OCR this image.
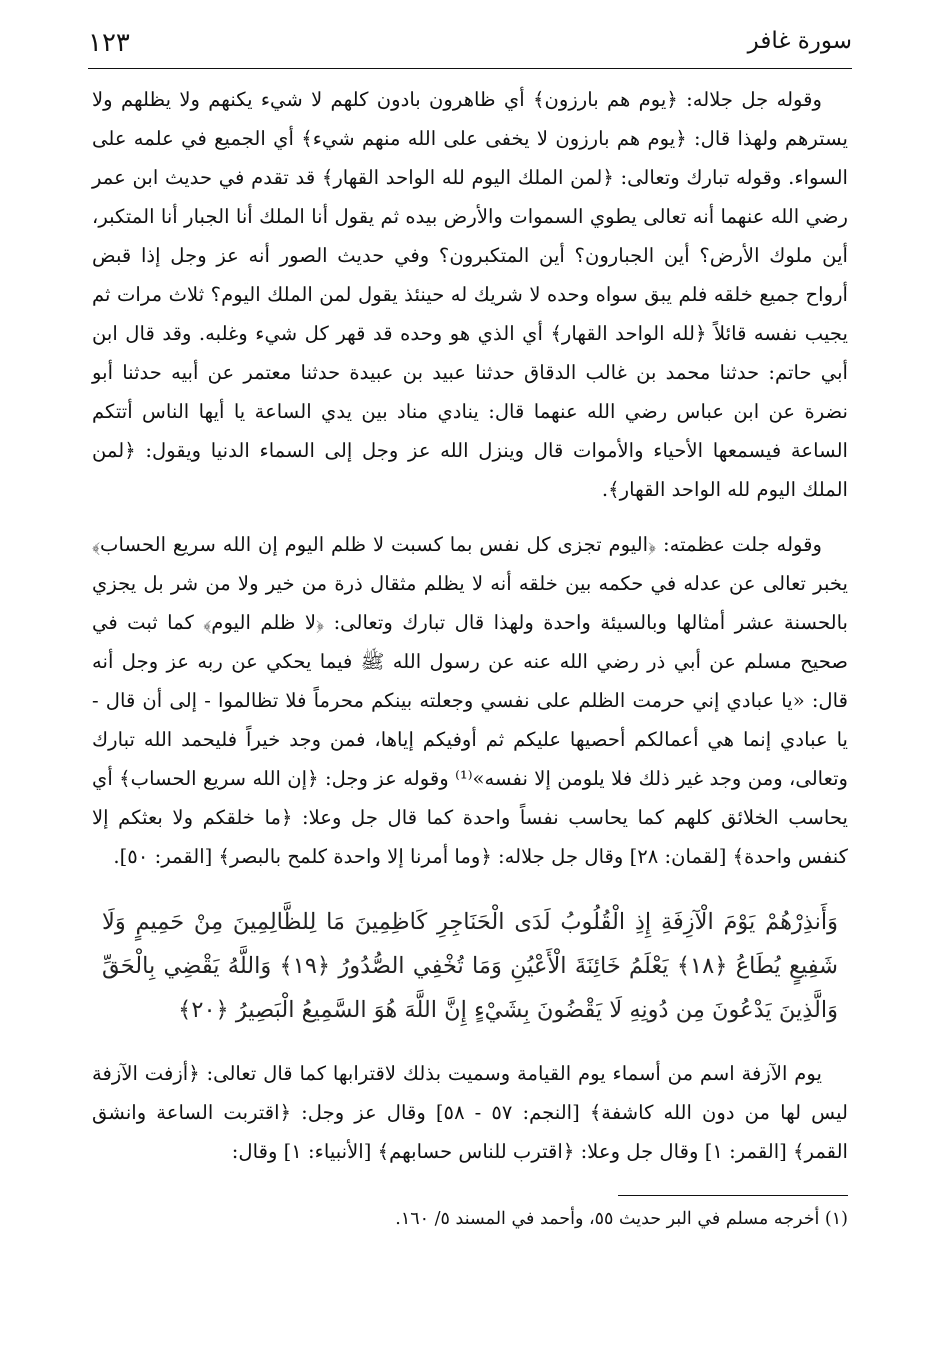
١٢٣	سورة غافر

وقوله جل جلاله: ﴿يوم هم بارزون﴾ أي ظاهرون بادون كلهم لا شيء يكنهم ولا يظلهم ولا يسترهم ولهذا قال: ﴿يوم هم بارزون لا يخفى على الله منهم شيء﴾ أي الجميع في علمه على السواء. وقوله تبارك وتعالى: ﴿لمن الملك اليوم لله الواحد القهار﴾ قد تقدم في حديث ابن عمر رضي الله عنهما أنه تعالى يطوي السموات والأرض بيده ثم يقول أنا الملك أنا الجبار أنا المتكبر، أين ملوك الأرض؟ أين الجبارون؟ أين المتكبرون؟ وفي حديث الصور أنه عز وجل إذا قبض أرواح جميع خلقه فلم يبق سواه وحده لا شريك له حينئذ يقول لمن الملك اليوم؟ ثلاث مرات ثم يجيب نفسه قائلاً ﴿لله الواحد القهار﴾ أي الذي هو وحده قد قهر كل شيء وغلبه. وقد قال ابن أبي حاتم: حدثنا محمد بن غالب الدقاق حدثنا عبيد بن عبيدة حدثنا معتمر عن أبيه حدثنا أبو نضرة عن ابن عباس رضي الله عنهما قال: ينادي مناد بين يدي الساعة يا أيها الناس أتتكم الساعة فيسمعها الأحياء والأموات قال وينزل الله عز وجل إلى السماء الدنيا ويقول: ﴿لمن الملك اليوم لله الواحد القهار﴾.

وقوله جلت عظمته: ﴿اليوم تجزى كل نفس بما كسبت لا ظلم اليوم إن الله سريع الحساب﴾ يخبر تعالى عن عدله في حكمه بين خلقه أنه لا يظلم مثقال ذرة من خير ولا من شر بل يجزي بالحسنة عشر أمثالها وبالسيئة واحدة ولهذا قال تبارك وتعالى: ﴿لا ظلم اليوم﴾ كما ثبت في صحيح مسلم عن أبي ذر رضي الله عنه عن رسول الله ﷺ فيما يحكي عن ربه عز وجل أنه قال: «يا عبادي إني حرمت الظلم على نفسي وجعلته بينكم محرماً فلا تظالموا - إلى أن قال - يا عبادي إنما هي أعمالكم أحصيها عليكم ثم أوفيكم إياها، فمن وجد خيراً فليحمد الله تبارك وتعالى، ومن وجد غير ذلك فلا يلومن إلا نفسه»⁽¹⁾ وقوله عز وجل: ﴿إن الله سريع الحساب﴾ أي يحاسب الخلائق كلهم كما يحاسب نفساً واحدة كما قال جل وعلا: ﴿ما خلقكم ولا بعثكم إلا كنفس واحدة﴾ [لقمان: ٢٨] وقال جل جلاله: ﴿وما أمرنا إلا واحدة كلمح بالبصر﴾ [القمر: ٥٠].

وَأَنذِرْهُمْ يَوْمَ الْآزِفَةِ إِذِ الْقُلُوبُ لَدَى الْحَنَاجِرِ كَاظِمِينَ مَا لِلظَّالِمِينَ مِنْ حَمِيمٍ وَلَا شَفِيعٍ يُطَاعُ ﴿١٨﴾ يَعْلَمُ خَائِنَةَ الْأَعْيُنِ وَمَا تُخْفِي الصُّدُورُ ﴿١٩﴾ وَاللَّهُ يَقْضِي بِالْحَقِّ وَالَّذِينَ يَدْعُونَ مِن دُونِهِ لَا يَقْضُونَ بِشَيْءٍ إِنَّ اللَّهَ هُوَ السَّمِيعُ الْبَصِيرُ ﴿٢٠﴾

يوم الآزفة اسم من أسماء يوم القيامة وسميت بذلك لاقترابها كما قال تعالى: ﴿أزفت الآزفة ليس لها من دون الله كاشفة﴾ [النجم: ٥٧ - ٥٨] وقال عز وجل: ﴿اقتربت الساعة وانشق القمر﴾ [القمر: ١] وقال جل وعلا: ﴿اقترب للناس حسابهم﴾ [الأنبياء: ١] وقال:

(١) أخرجه مسلم في البر حديث ٥٥، وأحمد في المسند ٥/ ١٦٠.
